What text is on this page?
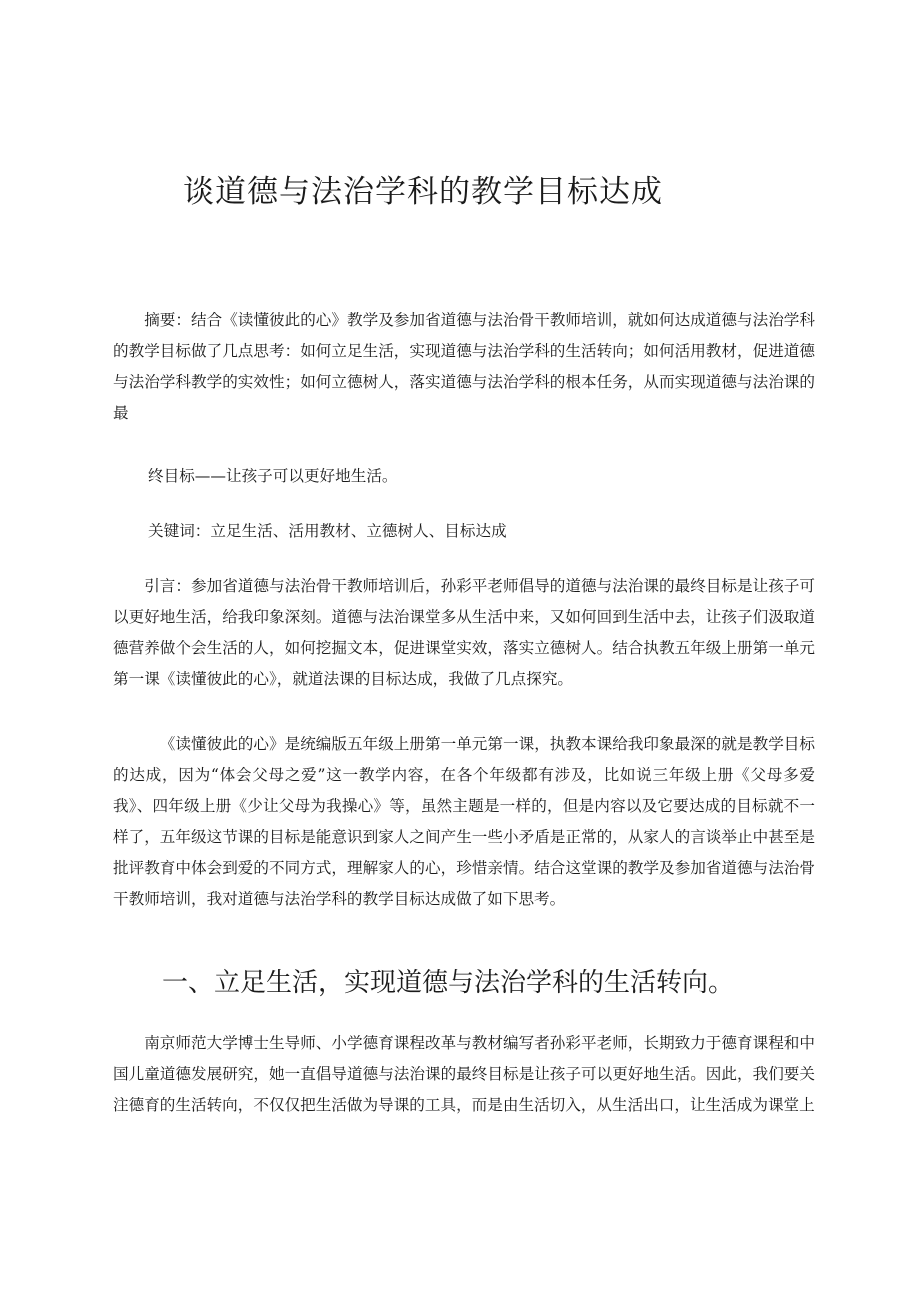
谈道德与法治学科的教学目标达成

摘要：结合《读懂彼此的心》教学及参加省道德与法治骨干教师培训，就如何达成道德与法治学科的教学目标做了几点思考：如何立足生活，实现道德与法治学科的生活转向；如何活用教材，促进道德与法治学科教学的实效性；如何立德树人，落实道德与法治学科的根本任务，从而实现道德与法治课的最

终目标——让孩子可以更好地生活。

关键词：立足生活、活用教材、立德树人、目标达成

引言：参加省道德与法治骨干教师培训后，孙彩平老师倡导的道德与法治课的最终目标是让孩子可以更好地生活，给我印象深刻。道德与法治课堂多从生活中来，又如何回到生活中去，让孩子们汲取道德营养做个会生活的人，如何挖掘文本，促进课堂实效，落实立德树人。结合执教五年级上册第一单元第一课《读懂彼此的心》，就道法课的目标达成，我做了几点探究。

《读懂彼此的心》是统编版五年级上册第一单元第一课，执教本课给我印象最深的就是教学目标的达成，因为“体会父母之爱”这一教学内容，在各个年级都有涉及，比如说三年级上册《父母多爱我》、四年级上册《少让父母为我操心》等，虽然主题是一样的，但是内容以及它要达成的目标就不一样了，五年级这节课的目标是能意识到家人之间产生一些小矛盾是正常的，从家人的言谈举止中甚至是批评教育中体会到爱的不同方式，理解家人的心，珍惜亲情。结合这堂课的教学及参加省道德与法治骨干教师培训，我对道德与法治学科的教学目标达成做了如下思考。

一、立足生活，实现道德与法治学科的生活转向。

南京师范大学博士生导师、小学德育课程改革与教材编写者孙彩平老师，长期致力于德育课程和中国儿童道德发展研究，她一直倡导道德与法治课的最终目标是让孩子可以更好地生活。因此，我们要关注德育的生活转向，不仅仅把生活做为导课的工具，而是由生活切入，从生活出口，让生活成为课堂上
